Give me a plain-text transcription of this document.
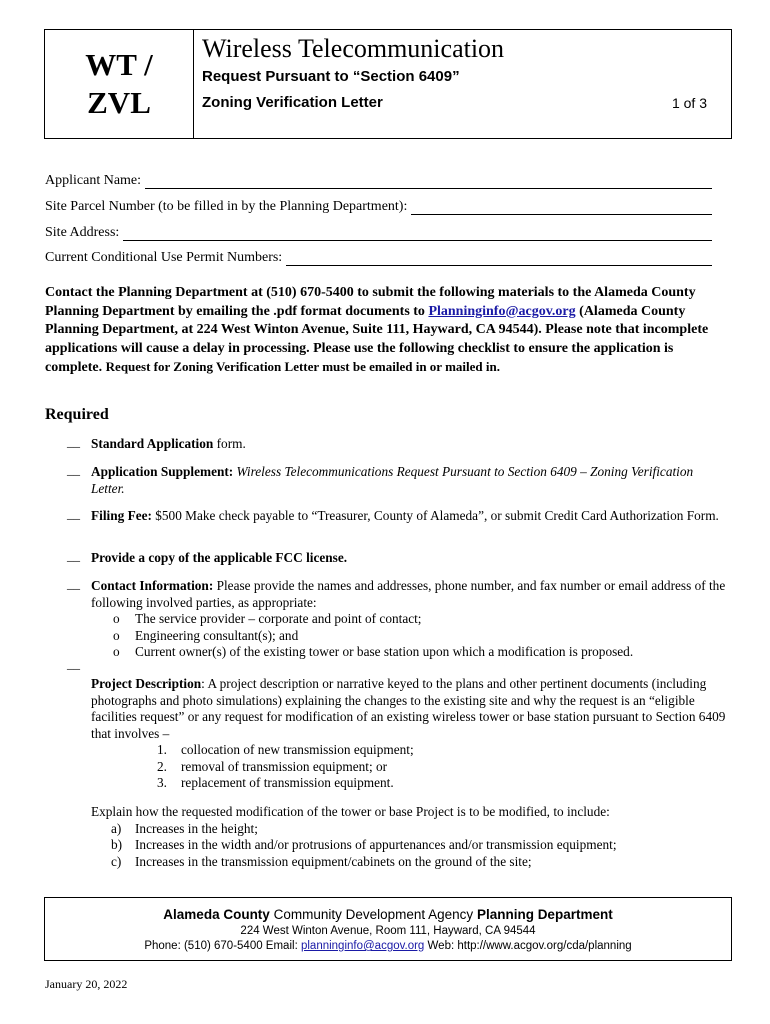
WT /
ZVL
Wireless Telecommunication
Request Pursuant to “Section 6409”
Zoning Verification Letter	1 of 3
Applicant Name:
Site Parcel Number (to be filled in by the Planning Department):
Site Address:
Current Conditional Use Permit Numbers:
Contact the Planning Department at (510) 670-5400 to submit the following materials to the Alameda County Planning Department by emailing the .pdf format documents to Planninginfo@acgov.org (Alameda County Planning Department, at 224 West Winton Avenue, Suite 111, Hayward, CA 94544). Please note that incomplete applications will cause a delay in processing. Please use the following checklist to ensure the application is complete. Request for Zoning Verification Letter must be emailed in or mailed in.
Required
__ Standard Application form.
__ Application Supplement: Wireless Telecommunications Request Pursuant to Section 6409 – Zoning Verification Letter.
__ Filing Fee: $500 Make check payable to “Treasurer, County of Alameda”, or submit Credit Card Authorization Form.
__ Provide a copy of the applicable FCC license.
__ Contact Information: Please provide the names and addresses, phone number, and fax number or email address of the following involved parties, as appropriate:
o The service provider – corporate and point of contact;
o Engineering consultant(s); and
o Current owner(s) of the existing tower or base station upon which a modification is proposed.
__
Project Description: A project description or narrative keyed to the plans and other pertinent documents (including photographs and photo simulations) explaining the changes to the existing site and why the request is an “eligible facilities request” or any request for modification of an existing wireless tower or base station pursuant to Section 6409 that involves –
1. collocation of new transmission equipment;
2. removal of transmission equipment; or
3. replacement of transmission equipment.
Explain how the requested modification of the tower or base Project is to be modified, to include:
a) Increases in the height;
b) Increases in the width and/or protrusions of appurtenances and/or transmission equipment;
c) Increases in the transmission equipment/cabinets on the ground of the site;
Alameda County Community Development Agency Planning Department
224 West Winton Avenue, Room 111, Hayward, CA 94544
Phone: (510) 670-5400 Email: planninginfo@acgov.org Web: http://www.acgov.org/cda/planning
January 20, 2022
